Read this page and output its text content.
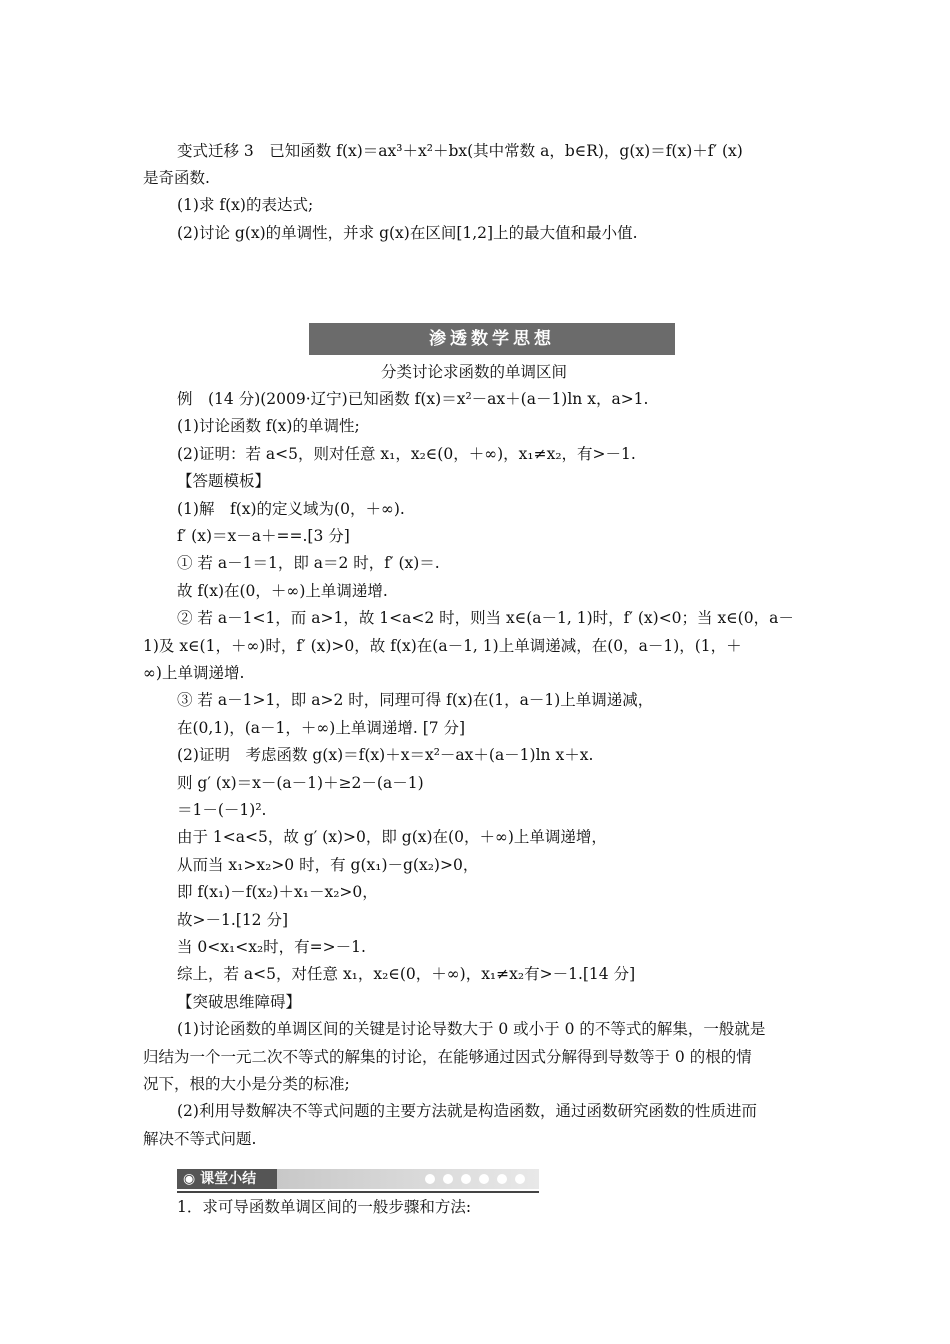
变式迁移 3　已知函数 f(x)＝ax³＋x²＋bx(其中常数 a，b∈R)，g(x)＝f(x)＋f′ (x)
是奇函数.
(1)求 f(x)的表达式;
(2)讨论 g(x)的单调性，并求 g(x)在区间[1,2]上的最大值和最小值.
渗透数学思想
分类讨论求函数的单调区间
例　(14 分)(2009·辽宁)已知函数 f(x)＝x²－ax＋(a－1)ln x，a>1.
(1)讨论函数 f(x)的单调性;
(2)证明：若 a<5，则对任意 x₁，x₂∈(0，＋∞)，x₁≠x₂，有>－1.
【答题模板】
(1)解　f(x)的定义域为(0，＋∞).
f′ (x)＝x－a＋==.[3 分]
① 若 a－1＝1，即 a＝2 时，f′ (x)＝.
故 f(x)在(0，＋∞)上单调递增.
② 若 a－1<1，而 a>1，故 1<a<2 时，则当 x∈(a－1, 1)时，f′ (x)<0；当 x∈(0，a－
1)及 x∈(1，＋∞)时，f′ (x)>0，故 f(x)在(a－1, 1)上单调递减，在(0，a－1)，(1，＋
∞)上单调递增.
③ 若 a－1>1，即 a>2 时，同理可得 f(x)在(1，a－1)上单调递减，
在(0,1)，(a－1，＋∞)上单调递增. [7 分]
(2)证明　考虑函数 g(x)＝f(x)＋x＝x²－ax＋(a－1)ln x＋x.
则 g′ (x)＝x－(a－1)＋≥2－(a－1)
＝1－(－1)².
由于 1<a<5，故 g′ (x)>0，即 g(x)在(0，＋∞)上单调递增，
从而当 x₁>x₂>0 时，有 g(x₁)－g(x₂)>0，
即 f(x₁)－f(x₂)＋x₁－x₂>0，
故>－1.[12 分]
当 0<x₁<x₂时，有=>－1.
综上，若 a<5，对任意 x₁，x₂∈(0，＋∞)，x₁≠x₂有>－1.[14 分]
【突破思维障碍】
(1)讨论函数的单调区间的关键是讨论导数大于 0 或小于 0 的不等式的解集，一般就是
归结为一个一元二次不等式的解集的讨论，在能够通过因式分解得到导数等于 0 的根的情
况下，根的大小是分类的标准;
(2)利用导数解决不等式问题的主要方法就是构造函数，通过函数研究函数的性质进而
解决不等式问题.
◉ 课堂小结
1．求可导函数单调区间的一般步骤和方法:
